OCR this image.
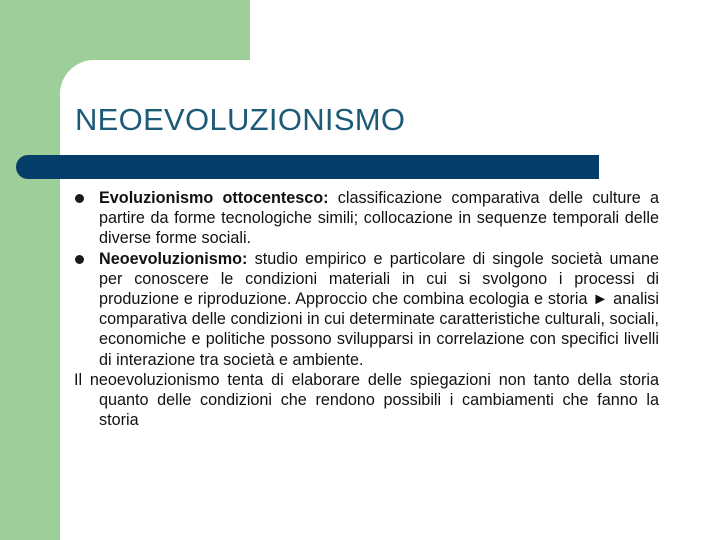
NEOEVOLUZIONISMO

Evoluzionismo ottocentesco: classificazione comparativa delle culture a partire da forme tecnologiche simili; collocazione in sequenze temporali delle diverse forme sociali.

Neoevoluzionismo: studio empirico e particolare di singole società umane per conoscere le condizioni materiali in cui si svolgono i processi di produzione e riproduzione. Approccio che combina ecologia e storia ► analisi comparativa delle condizioni in cui determinate caratteristiche culturali, sociali, economiche e politiche possono svilupparsi in correlazione con specifici livelli di interazione tra società e ambiente.

Il neoevoluzionismo tenta di elaborare delle spiegazioni non tanto della storia quanto delle condizioni che rendono possibili i cambiamenti che fanno la storia
